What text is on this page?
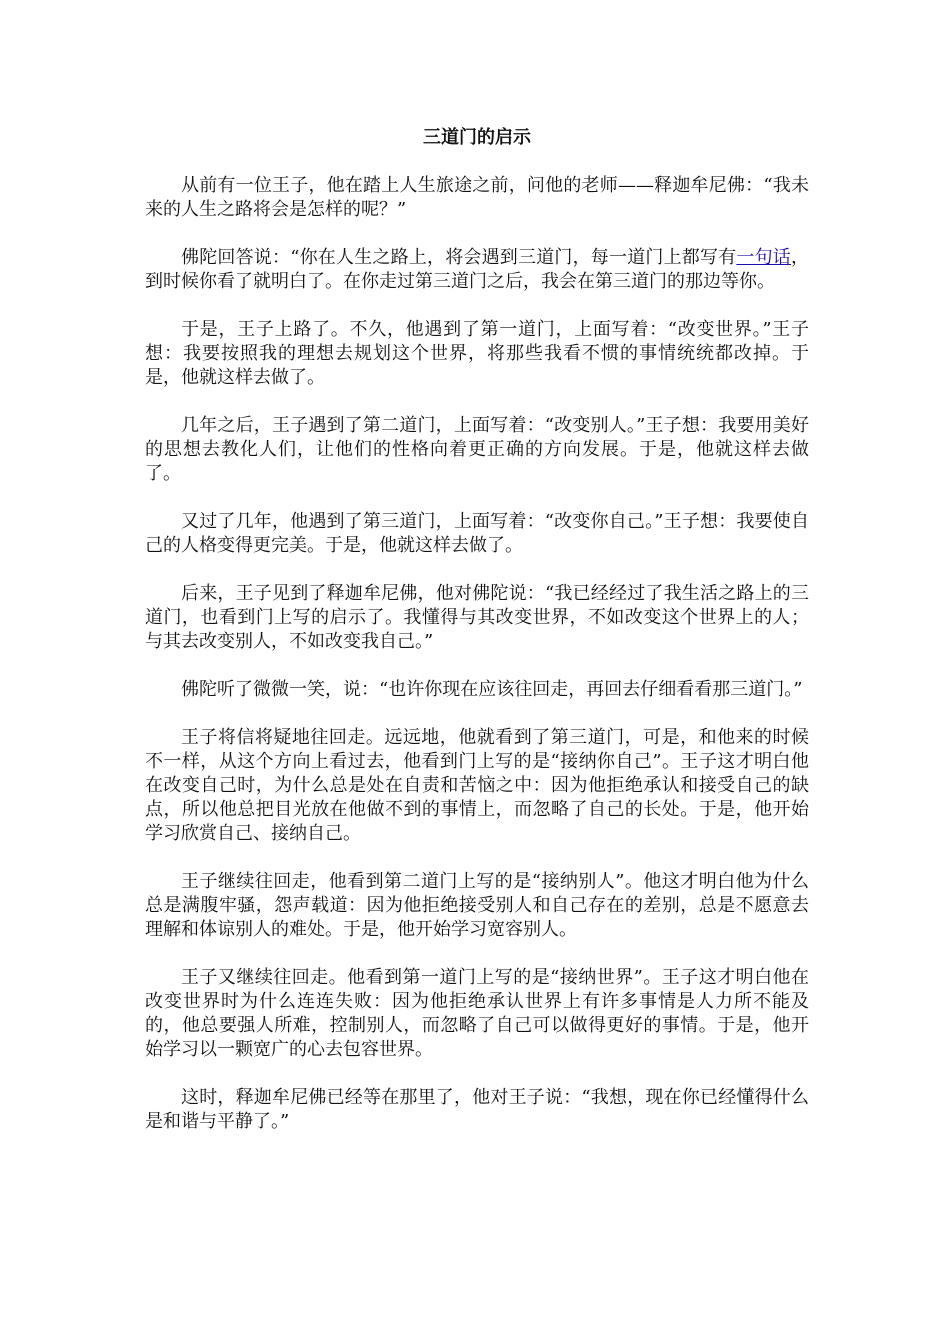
三道门的启示

从前有一位王子，他在踏上人生旅途之前，问他的老师——释迦牟尼佛：“我未来的人生之路将会是怎样的呢？”

佛陀回答说：“你在人生之路上，将会遇到三道门，每一道门上都写有一句话，到时候你看了就明白了。在你走过第三道门之后，我会在第三道门的那边等你。

于是，王子上路了。不久，他遇到了第一道门，上面写着：“改变世界。”王子想：我要按照我的理想去规划这个世界，将那些我看不惯的事情统统都改掉。于是，他就这样去做了。

几年之后，王子遇到了第二道门，上面写着：“改变别人。”王子想：我要用美好的思想去教化人们，让他们的性格向着更正确的方向发展。于是，他就这样去做了。

又过了几年，他遇到了第三道门，上面写着：“改变你自己。”王子想：我要使自己的人格变得更完美。于是，他就这样去做了。

后来，王子见到了释迦牟尼佛，他对佛陀说：“我已经经过了我生活之路上的三道门，也看到门上写的启示了。我懂得与其改变世界，不如改变这个世界上的人；与其去改变别人，不如改变我自己。”

佛陀听了微微一笑，说：“也许你现在应该往回走，再回去仔细看看那三道门。”

王子将信将疑地往回走。远远地，他就看到了第三道门，可是，和他来的时候不一样，从这个方向上看过去，他看到门上写的是“接纳你自己”。王子这才明白他在改变自己时，为什么总是处在自责和苦恼之中：因为他拒绝承认和接受自己的缺点，所以他总把目光放在他做不到的事情上，而忽略了自己的长处。于是，他开始学习欣赏自己、接纳自己。

王子继续往回走，他看到第二道门上写的是“接纳别人”。他这才明白他为什么总是满腹牢骚，怨声载道：因为他拒绝接受别人和自己存在的差别，总是不愿意去理解和体谅别人的难处。于是，他开始学习宽容别人。

王子又继续往回走。他看到第一道门上写的是“接纳世界”。王子这才明白他在改变世界时为什么连连失败：因为他拒绝承认世界上有许多事情是人力所不能及的，他总要强人所难，控制别人，而忽略了自己可以做得更好的事情。于是，他开始学习以一颗宽广的心去包容世界。

这时，释迦牟尼佛已经等在那里了，他对王子说：“我想，现在你已经懂得什么是和谐与平静了。”
